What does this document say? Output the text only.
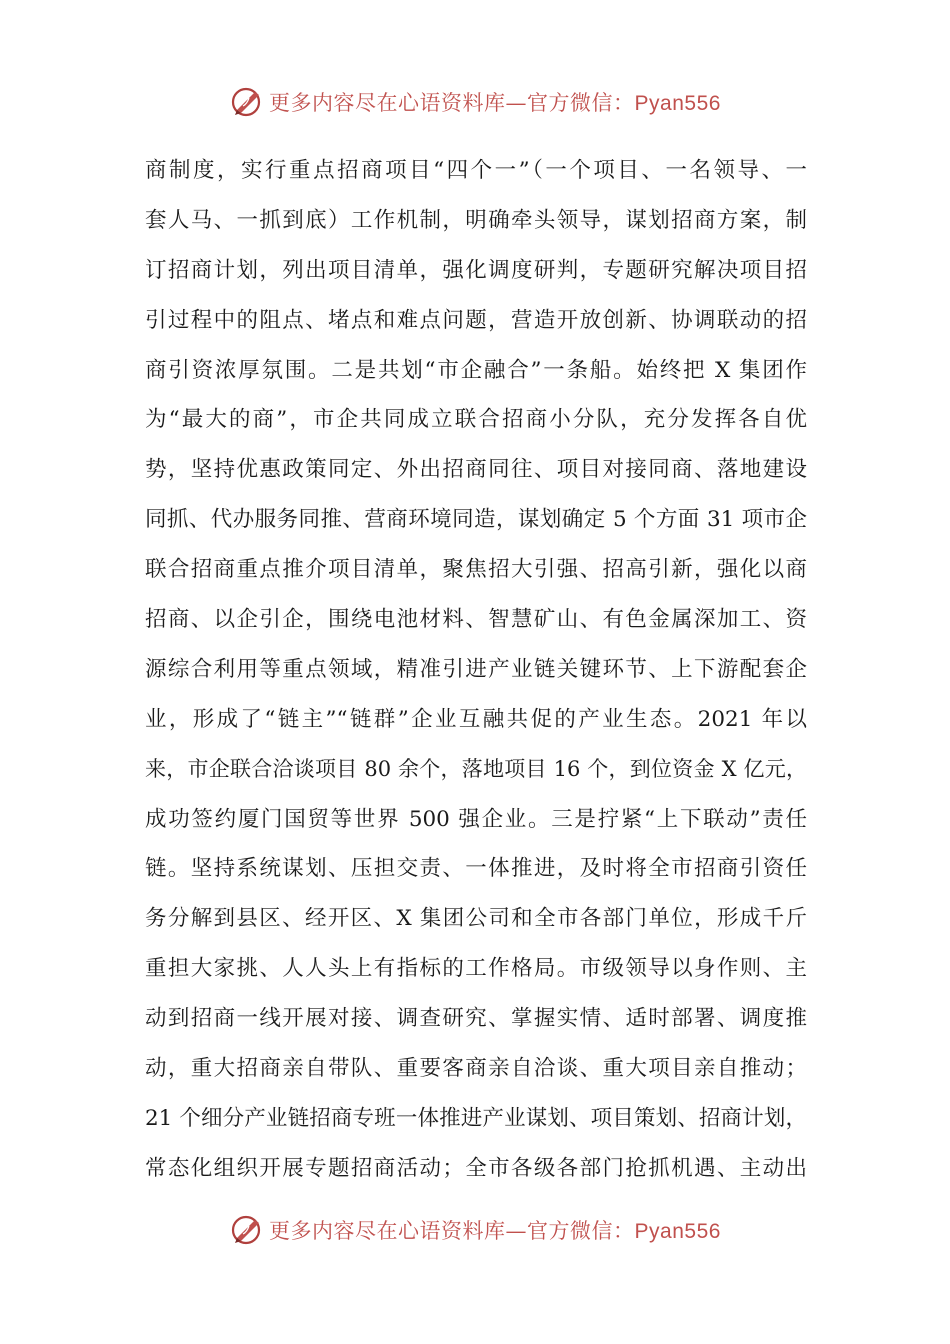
更多内容尽在心语资料库—官方微信：Pyan556
商制度，实行重点招商项目“四个一”（一个项目、一名领导、一
套人马、一抓到底）工作机制，明确牵头领导，谋划招商方案，制
订招商计划，列出项目清单，强化调度研判，专题研究解决项目招
引过程中的阻点、堵点和难点问题，营造开放创新、协调联动的招
商引资浓厚氛围。二是共划“市企融合”一条船。始终把 X 集团作
为“最大的商”，市企共同成立联合招商小分队，充分发挥各自优
势，坚持优惠政策同定、外出招商同往、项目对接同商、落地建设
同抓、代办服务同推、营商环境同造，谋划确定 5 个方面 31 项市企
联合招商重点推介项目清单，聚焦招大引强、招高引新，强化以商
招商、以企引企，围绕电池材料、智慧矿山、有色金属深加工、资
源综合利用等重点领域，精准引进产业链关键环节、上下游配套企
业，形成了“链主”“链群”企业互融共促的产业生态。2021 年以
来，市企联合洽谈项目 80 余个，落地项目 16 个，到位资金 X 亿元，
成功签约厦门国贸等世界 500 强企业。三是拧紧“上下联动”责任
链。坚持系统谋划、压担交责、一体推进，及时将全市招商引资任
务分解到县区、经开区、X 集团公司和全市各部门单位，形成千斤
重担大家挑、人人头上有指标的工作格局。市级领导以身作则、主
动到招商一线开展对接、调查研究、掌握实情、适时部署、调度推
动，重大招商亲自带队、重要客商亲自洽谈、重大项目亲自推动；
21 个细分产业链招商专班一体推进产业谋划、项目策划、招商计划，
常态化组织开展专题招商活动；全市各级各部门抢抓机遇、主动出
更多内容尽在心语资料库—官方微信：Pyan556
